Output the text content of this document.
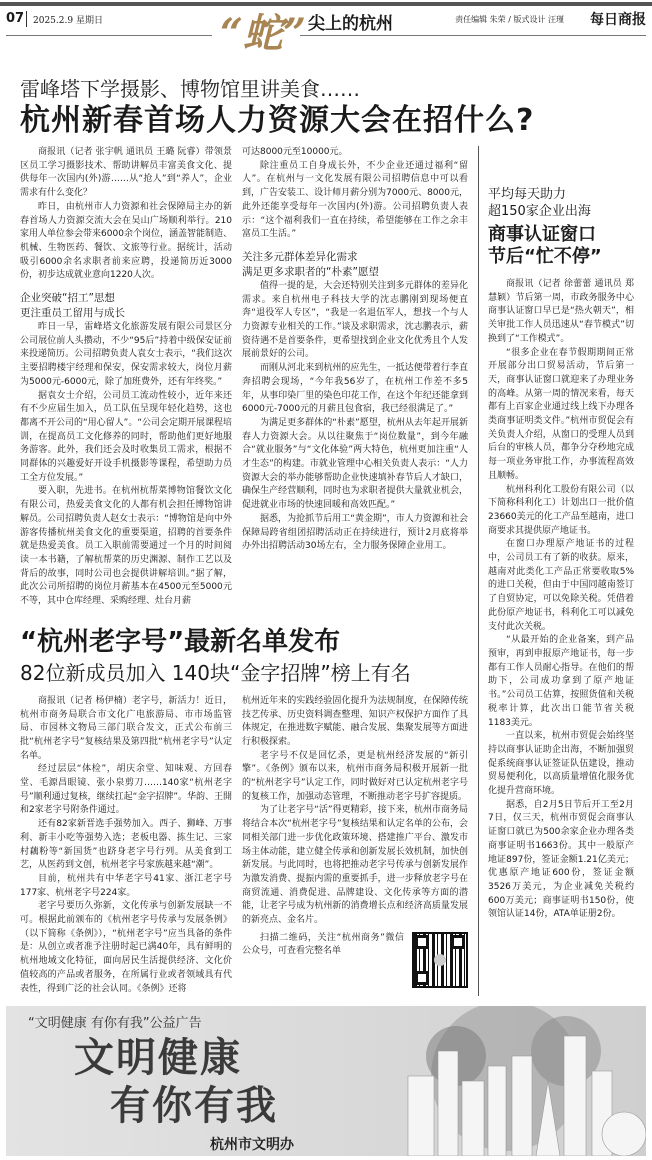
07 2025.2.9 星期日	“蛇” 尖上的杭州	责任编辑 朱荣 / 版式设计 汪瑾 每日商报
雷峰塔下学摄影、博物馆里讲美食……
杭州新春首场人力资源大会在招什么?

商报讯（记者 张宇帆 通讯员 王璐 阮睿）带领景区员工学习摄影技术、帮助讲解员丰富美食文化、提供每年一次国内(外)游……从“抢人”到“养人”，企业需求有什么变化？

昨日，由杭州市人力资源和社会保障局主办的新春首场人力资源交流大会在吴山广场顺利举行。210家用人单位参会带来6000余个岗位，涵盖智能制造、机械、生物医药、餐饮、文旅等行业。据统计，活动吸引6000余名求职者前来应聘，投递简历近3000份，初步达成就业意向1220人次。

企业突破“招工”思想
更注重员工留用与成长

昨日一早，雷峰塔文化旅游发展有限公司景区分公司展位前人头攒动，不少“95后”持着中级保安证前来投递简历。公司招聘负责人袁女士表示，“我们这次主要招聘楼宇经理和保安，保安需求较大，岗位月薪为5000元-6000元，除了加班费外，还有年终奖。”

据袁女士介绍，公司员工流动性较小，近年来还有不少应届生加入，员工队伍呈现年轻化趋势，这也都离不开公司的“用心留人”。“公司会定期开展课程培训，在提高员工文化修养的同时，帮助他们更好地服务游客。此外，我们还会及时收集员工需求，根据不同群体的兴趣爱好开设手机摄影等课程，希望助力员工全方位发展。”

要入职，先进书。在杭州杭帮菜博物馆餐饮文化有限公司，热爱美食文化的人都有机会担任博物馆讲解员。公司招聘负责人赵女士表示：“博物馆是向中外游客传播杭州美食文化的重要渠道，招聘的首要条件就是热爱美食。员工入职前需要通过一个月的时间阅读一本书籍，了解杭帮菜的历史渊源、制作工艺以及背后的故事，同时公司也会提供讲解培训。”据了解，此次公司所招聘的岗位月薪基本在4500元至5000元不等，其中仓库经理、采购经理、灶台月薪

可达8000元至10000元。

除注重员工自身成长外，不少企业还通过福利“留人”。在杭州与一文化发展有限公司招聘信息中可以看到，广告安装工、设计师月薪分别为7000元、8000元，此外还能享受每年一次国内(外)游。公司招聘负责人表示：“这个福利我们一直在持续，希望能够在工作之余丰富员工生活。”

关注多元群体差异化需求
满足更多求职者的“朴素”愿望

值得一提的是，大会还特别关注到多元群体的差异化需求。来自杭州电子科技大学的沈志鹏刚到现场便直奔“退役军人专区”，“我是一名退伍军人，想找一个与人力资源专业相关的工作。”谈及求职需求，沈志鹏表示，薪资待遇不是首要条件，更希望找到企业文化优秀且个人发展前景好的公司。

而刚从河北来到杭州的应先生，一抵达便带着行李直奔招聘会现场，“今年我56岁了，在杭州工作差不多5年，从事印染厂里的染色印花工作，在这个年纪还能拿到6000元-7000元的月薪且包食宿，我已经很满足了。”

为满足更多群体的“朴素”愿望，杭州从去年起开展新春人力资源大会。从以往聚焦于“岗位数量”，到今年融合“就业服务”与“文化体验”两大特色，杭州更加注重“人才生态”的构建。市就业管理中心相关负责人表示：“人力资源大会的举办能够帮助企业快速填补春节后人才缺口，确保生产经营顺利，同时也为求职者提供大量就业机会，促进就业市场的快速回暖和高效匹配。”

据悉，为抢抓节后用工“黄金期”，市人力资源和社会保障局跨省组团招聘活动正在持续进行，预计2月底将举办外出招聘活动30场左右，全力服务保障企业用工。

平均每天助力
超150家企业出海
商事认证窗口
节后“忙不停”

商报讯（记者 徐蕾蕾 通讯员 郑慧颖）节后第一周，市政务服务中心商事认证窗口早已是“热火朝天”，相关审批工作人员迅速从“春节模式”切换到了“工作模式”。

“很多企业在春节假期期间正常开展部分出口贸易活动，节后第一天，商事认证窗口就迎来了办理业务的高峰。从第一周的情况来看，每天都有上百家企业通过线上线下办理各类商事证明类文件。”杭州市贸促会有关负责人介绍，从窗口的受理人员到后台的审核人员，都争分夺秒地完成每一项业务审批工作，办事流程高效且顺畅。

杭州科利化工股份有限公司（以下简称科利化工）计划出口一批价值23660美元的化工产品至越南，进口商要求其提供原产地证书。

在窗口办理原产地证书的过程中，公司员工有了新的收获。原来，越南对此类化工产品正常要收取5%的进口关税，但由于中国同越南签订了自贸协定，可以免除关税。凭借着此份原产地证书，科利化工可以减免支付此次关税。

“从最开始的企业备案，到产品预审，再到申报原产地证书，每一步都有工作人员耐心指导。在他们的帮助下，公司成功拿到了原产地证书。”公司员工估算，按照货值和关税税率计算，此次出口能节省关税1183美元。

一直以来，杭州市贸促会始终坚持以商事认证助企出海，不断加强贸促系统商事认证签证队伍建设，推动贸易便利化，以高质量增值化服务优化提升营商环境。

据悉，自2月5日节后开工至2月7日，仅三天，杭州市贸促会商事认证窗口就已为500余家企业办理各类商事证明书1663份。其中一般原产地证897份，签证金额1.21亿美元；优惠原产地证600份，签证金额3526万美元，为企业减免关税约600万美元；商事证明书150份，使领馆认证14份，ATA单证册2份。

“杭州老字号”最新名单发布
82位新成员加入 140块“金字招牌”榜上有名

商报讯（记者 杨伊楠）老字号，新活力！近日，杭州市商务局联合市文化广电旅游局、市市场监管局、市园林文物局三部门联合发文，正式公布前三批“杭州老字号”复核结果及第四批“杭州老字号”认定名单。

经过层层“体检”，胡庆余堂、知味观、方回春堂、毛源昌眼镜、张小泉剪刀……140家“杭州老字号”顺利通过复核，继续扛起“金字招牌”。华韵、王開和2家老字号附条件通过。

还有82家新晋选手强势加入。西子、狮峰、万事利、新丰小吃等强势入选；老板电器、拣生记、三家村藕粉等“新国货”也跻身老字号行列。从美食到工艺，从医药到文创，杭州老字号家族越来越“潮”。

目前，杭州共有中华老字号41家、浙江老字号177家、杭州老字号224家。

老字号要历久弥新，文化传承与创新发展缺一不可。根据此前颁布的《杭州老字号传承与发展条例》（以下简称《条例》），“杭州老字号”应当具备的条件是：从创立或者准予注册时起已满40年，具有鲜明的杭州地域文化特征，面向居民生活提供经济、文化价值较高的产品或者服务，在所属行业或者领域具有代表性，得到广泛的社会认同。《条例》还将

杭州近年来的实践经验固化提升为法规制度，在保障传统技艺传承、历史资料调查整理、知识产权保护方面作了具体规定，在推进数字赋能、融合发展、集聚发展等方面进行积极探索。

老字号不仅是回忆杀，更是杭州经济发展的“新引擎”。《条例》颁布以来，杭州市商务局积极开展新一批的“杭州老字号”认定工作，同时做好对已认定杭州老字号的复核工作，加强动态管理，不断推动老字号扩容提质。

为了让老字号“活”得更精彩，接下来，杭州市商务局将结合本次“杭州老字号”复核结果和认定名单的公布，会同相关部门进一步优化政策环境、搭建推广平台、激发市场主体动能，建立健全传承和创新发展长效机制，加快创新发展。与此同时，也将把推动老字号传承与创新发展作为激发消费、提振内需的重要抓手，进一步释放老字号在商贸流通、消费促进、品牌建设、文化传承等方面的潜能，让老字号成为杭州新的消费增长点和经济高质量发展的新亮点、金名片。

扫描二维码，关注“杭州商务”微信公众号，可查看完整名单

“文明健康 有你有我”公益广告
文明健康
有你有我
杭州市文明办
